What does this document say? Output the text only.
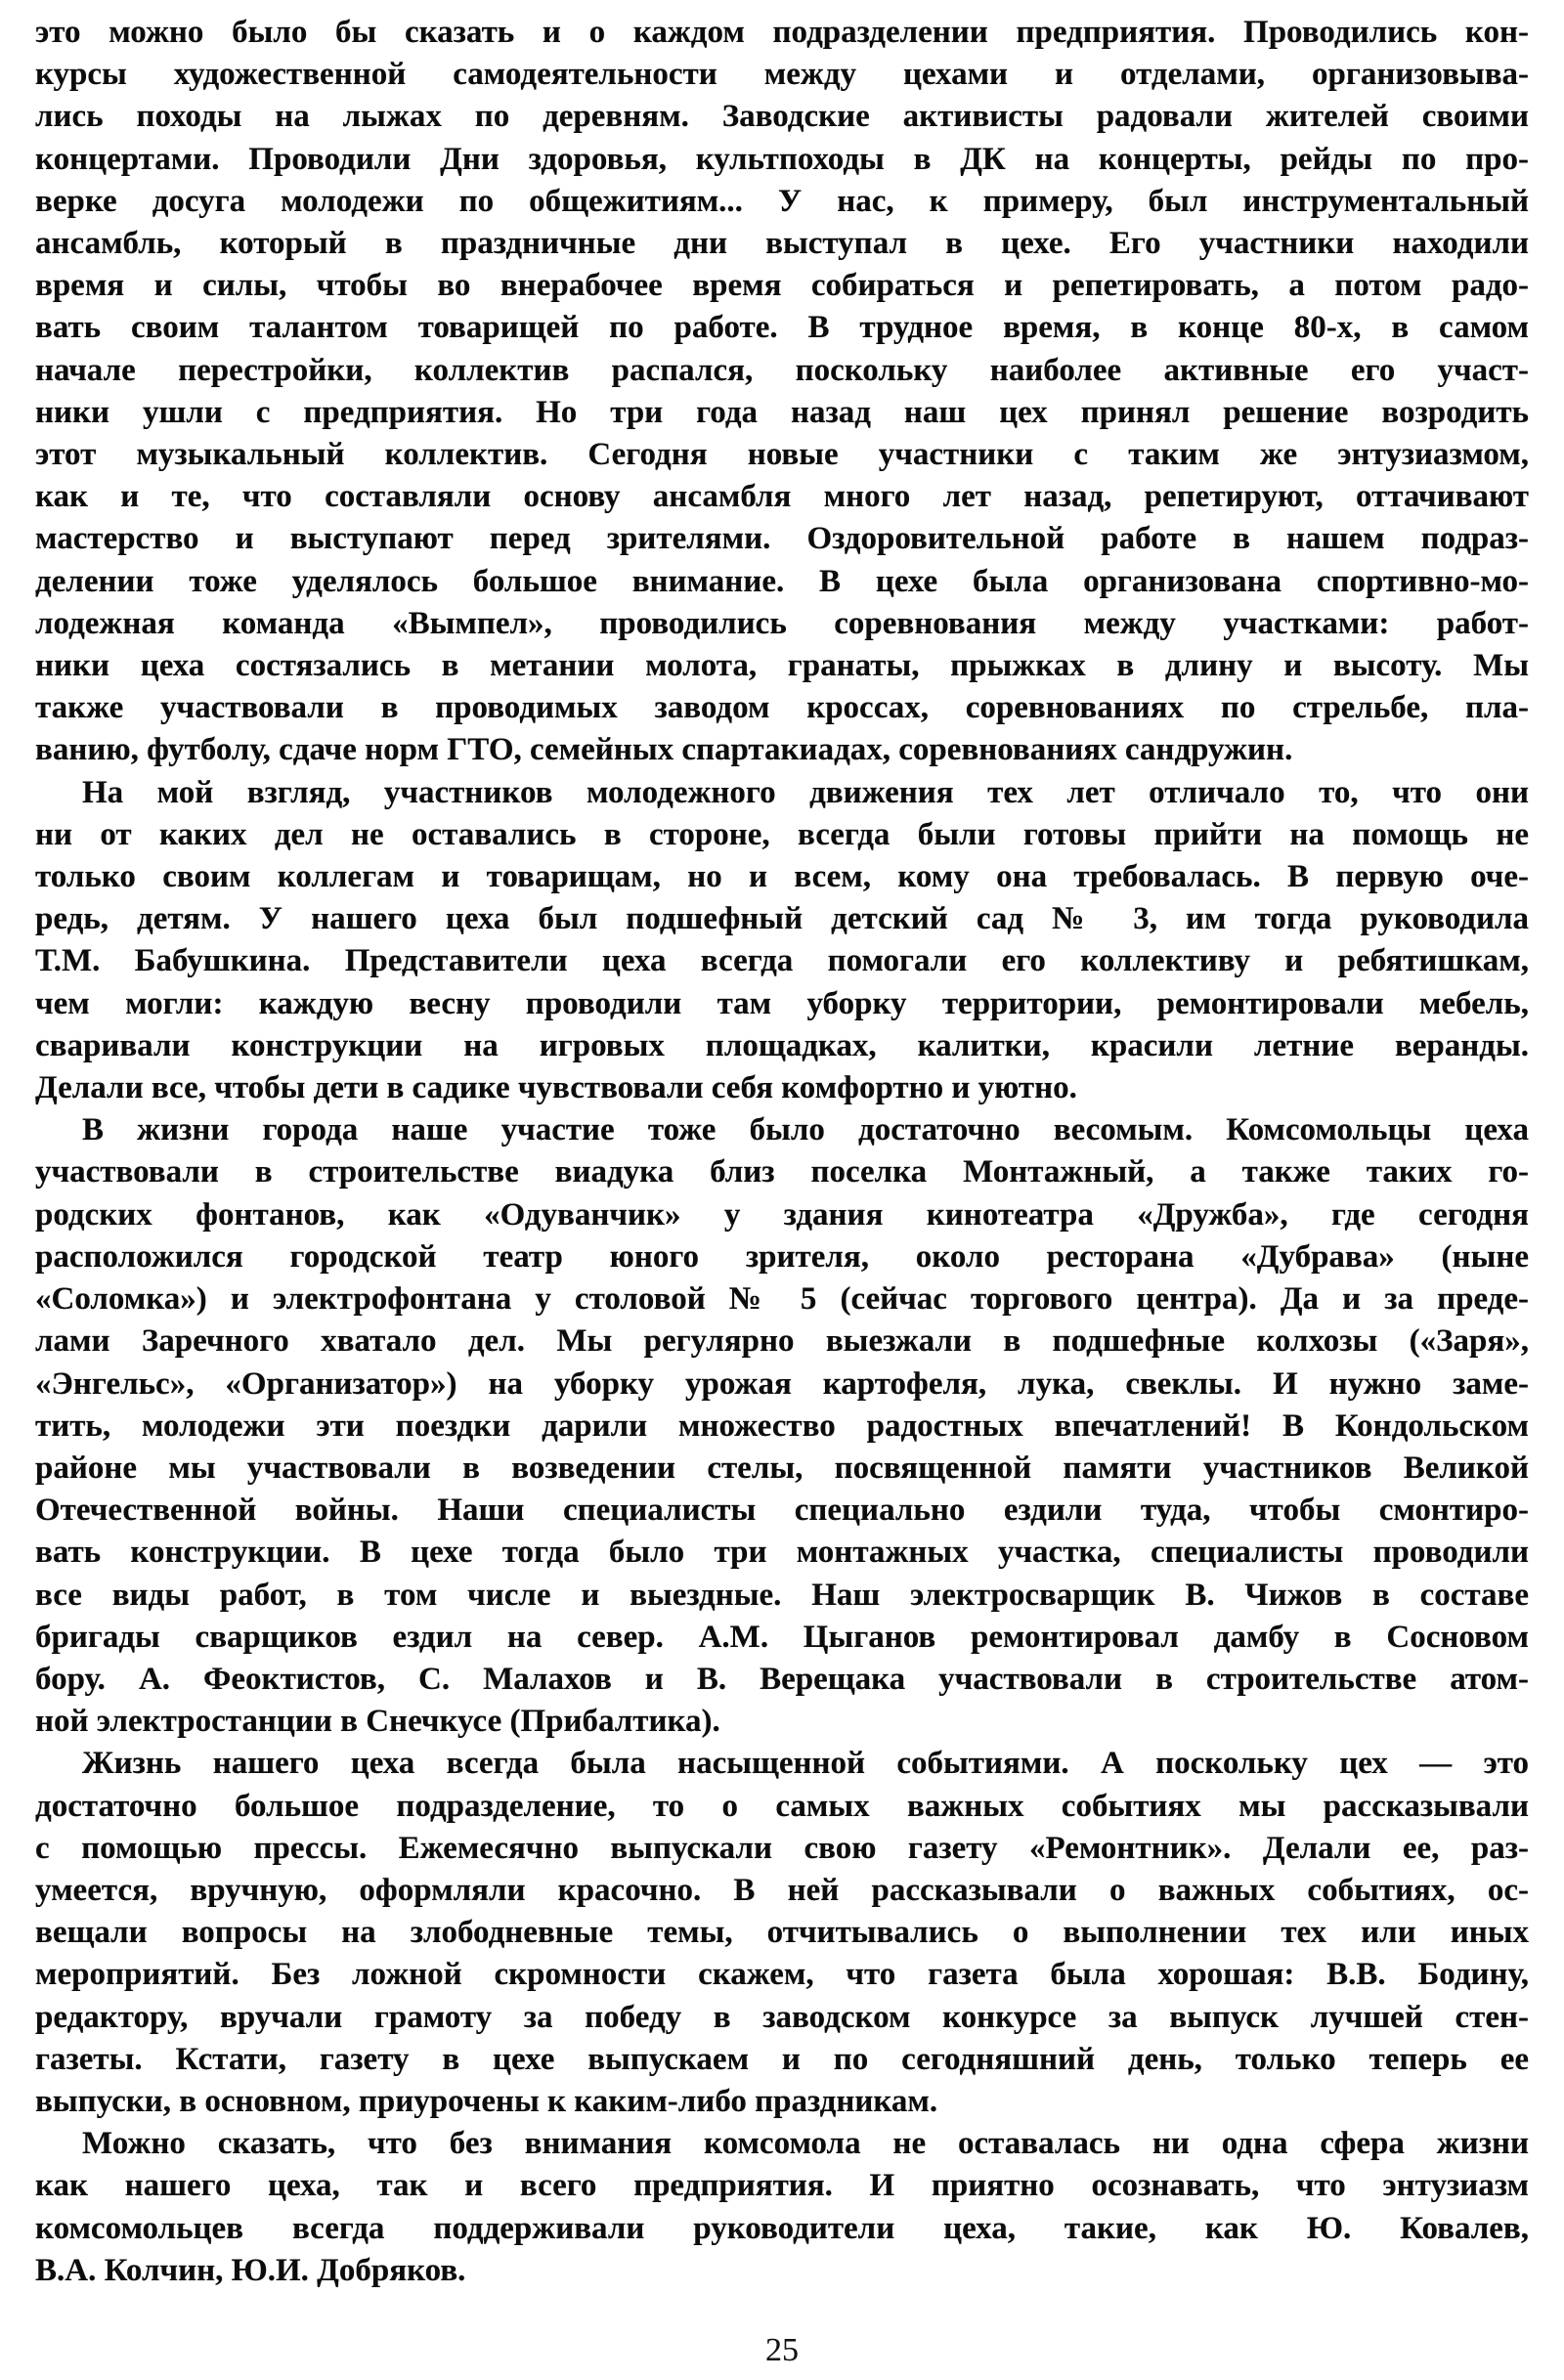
это можно было бы сказать и о каждом подразделении предприятия. Проводились кон-
курсы художественной самодеятельности между цехами и отделами, организовыва-
лись походы на лыжах по деревням. Заводские активисты радовали жителей своими
концертами. Проводили Дни здоровья, культпоходы в ДК на концерты, рейды по про-
верке досуга молодежи по общежитиям... У нас, к примеру, был инструментальный
ансамбль, который в праздничные дни выступал в цехе. Его участники находили
время и силы, чтобы во внерабочее время собираться и репетировать, а потом радо-
вать своим талантом товарищей по работе. В трудное время, в конце 80-х, в самом
начале перестройки, коллектив распался, поскольку наиболее активные его участ-
ники ушли с предприятия. Но три года назад наш цех принял решение возродить
этот музыкальный коллектив. Сегодня новые участники с таким же энтузиазмом,
как и те, что составляли основу ансамбля много лет назад, репетируют, оттачивают
мастерство и выступают перед зрителями. Оздоровительной работе в нашем подраз-
делении тоже уделялось большое внимание. В цехе была организована спортивно-мо-
лодежная команда «Вымпел», проводились соревнования между участками: работ-
ники цеха состязались в метании молота, гранаты, прыжках в длину и высоту. Мы
также участвовали в проводимых заводом кроссах, соревнованиях по стрельбе, пла-
ванию, футболу, сдаче норм ГТО, семейных спартакиадах, соревнованиях сандружин.
На мой взгляд, участников молодежного движения тех лет отличало то, что они
ни от каких дел не оставались в стороне, всегда были готовы прийти на помощь не
только своим коллегам и товарищам, но и всем, кому она требовалась. В первую оче-
редь, детям. У нашего цеха был подшефный детский сад № 3, им тогда руководила
Т.М. Бабушкина. Представители цеха всегда помогали его коллективу и ребятишкам,
чем могли: каждую весну проводили там уборку территории, ремонтировали мебель,
сваривали конструкции на игровых площадках, калитки, красили летние веранды.
Делали все, чтобы дети в садике чувствовали себя комфортно и уютно.
В жизни города наше участие тоже было достаточно весомым. Комсомольцы цеха
участвовали в строительстве виадука близ поселка Монтажный, а также таких го-
родских фонтанов, как «Одуванчик» у здания кинотеатра «Дружба», где сегодня
расположился городской театр юного зрителя, около ресторана «Дубрава» (ныне
«Соломка») и электрофонтана у столовой № 5 (сейчас торгового центра). Да и за преде-
лами Заречного хватало дел. Мы регулярно выезжали в подшефные колхозы («Заря»,
«Энгельс», «Организатор») на уборку урожая картофеля, лука, свеклы. И нужно заме-
тить, молодежи эти поездки дарили множество радостных впечатлений! В Кондольском
районе мы участвовали в возведении стелы, посвященной памяти участников Великой
Отечественной войны. Наши специалисты специально ездили туда, чтобы смонтиро-
вать конструкции. В цехе тогда было три монтажных участка, специалисты проводили
все виды работ, в том числе и выездные. Наш электросварщик В. Чижов в составе
бригады сварщиков ездил на север. А.М. Цыганов ремонтировал дамбу в Сосновом
бору. А. Феоктистов, С. Малахов и В. Верещака участвовали в строительстве атом-
ной электростанции в Снечкусе (Прибалтика).
Жизнь нашего цеха всегда была насыщенной событиями. А поскольку цех — это
достаточно большое подразделение, то о самых важных событиях мы рассказывали
с помощью прессы. Ежемесячно выпускали свою газету «Ремонтник». Делали ее, раз-
умеется, вручную, оформляли красочно. В ней рассказывали о важных событиях, ос-
вещали вопросы на злободневные темы, отчитывались о выполнении тех или иных
мероприятий. Без ложной скромности скажем, что газета была хорошая: В.В. Бодину,
редактору, вручали грамоту за победу в заводском конкурсе за выпуск лучшей стен-
газеты. Кстати, газету в цехе выпускаем и по сегодняшний день, только теперь ее
выпуски, в основном, приурочены к каким-либо праздникам.
Можно сказать, что без внимания комсомола не оставалась ни одна сфера жизни
как нашего цеха, так и всего предприятия. И приятно осознавать, что энтузиазм
комсомольцев всегда поддерживали руководители цеха, такие, как Ю. Ковалев,
В.А. Колчин, Ю.И. Добряков.
25
